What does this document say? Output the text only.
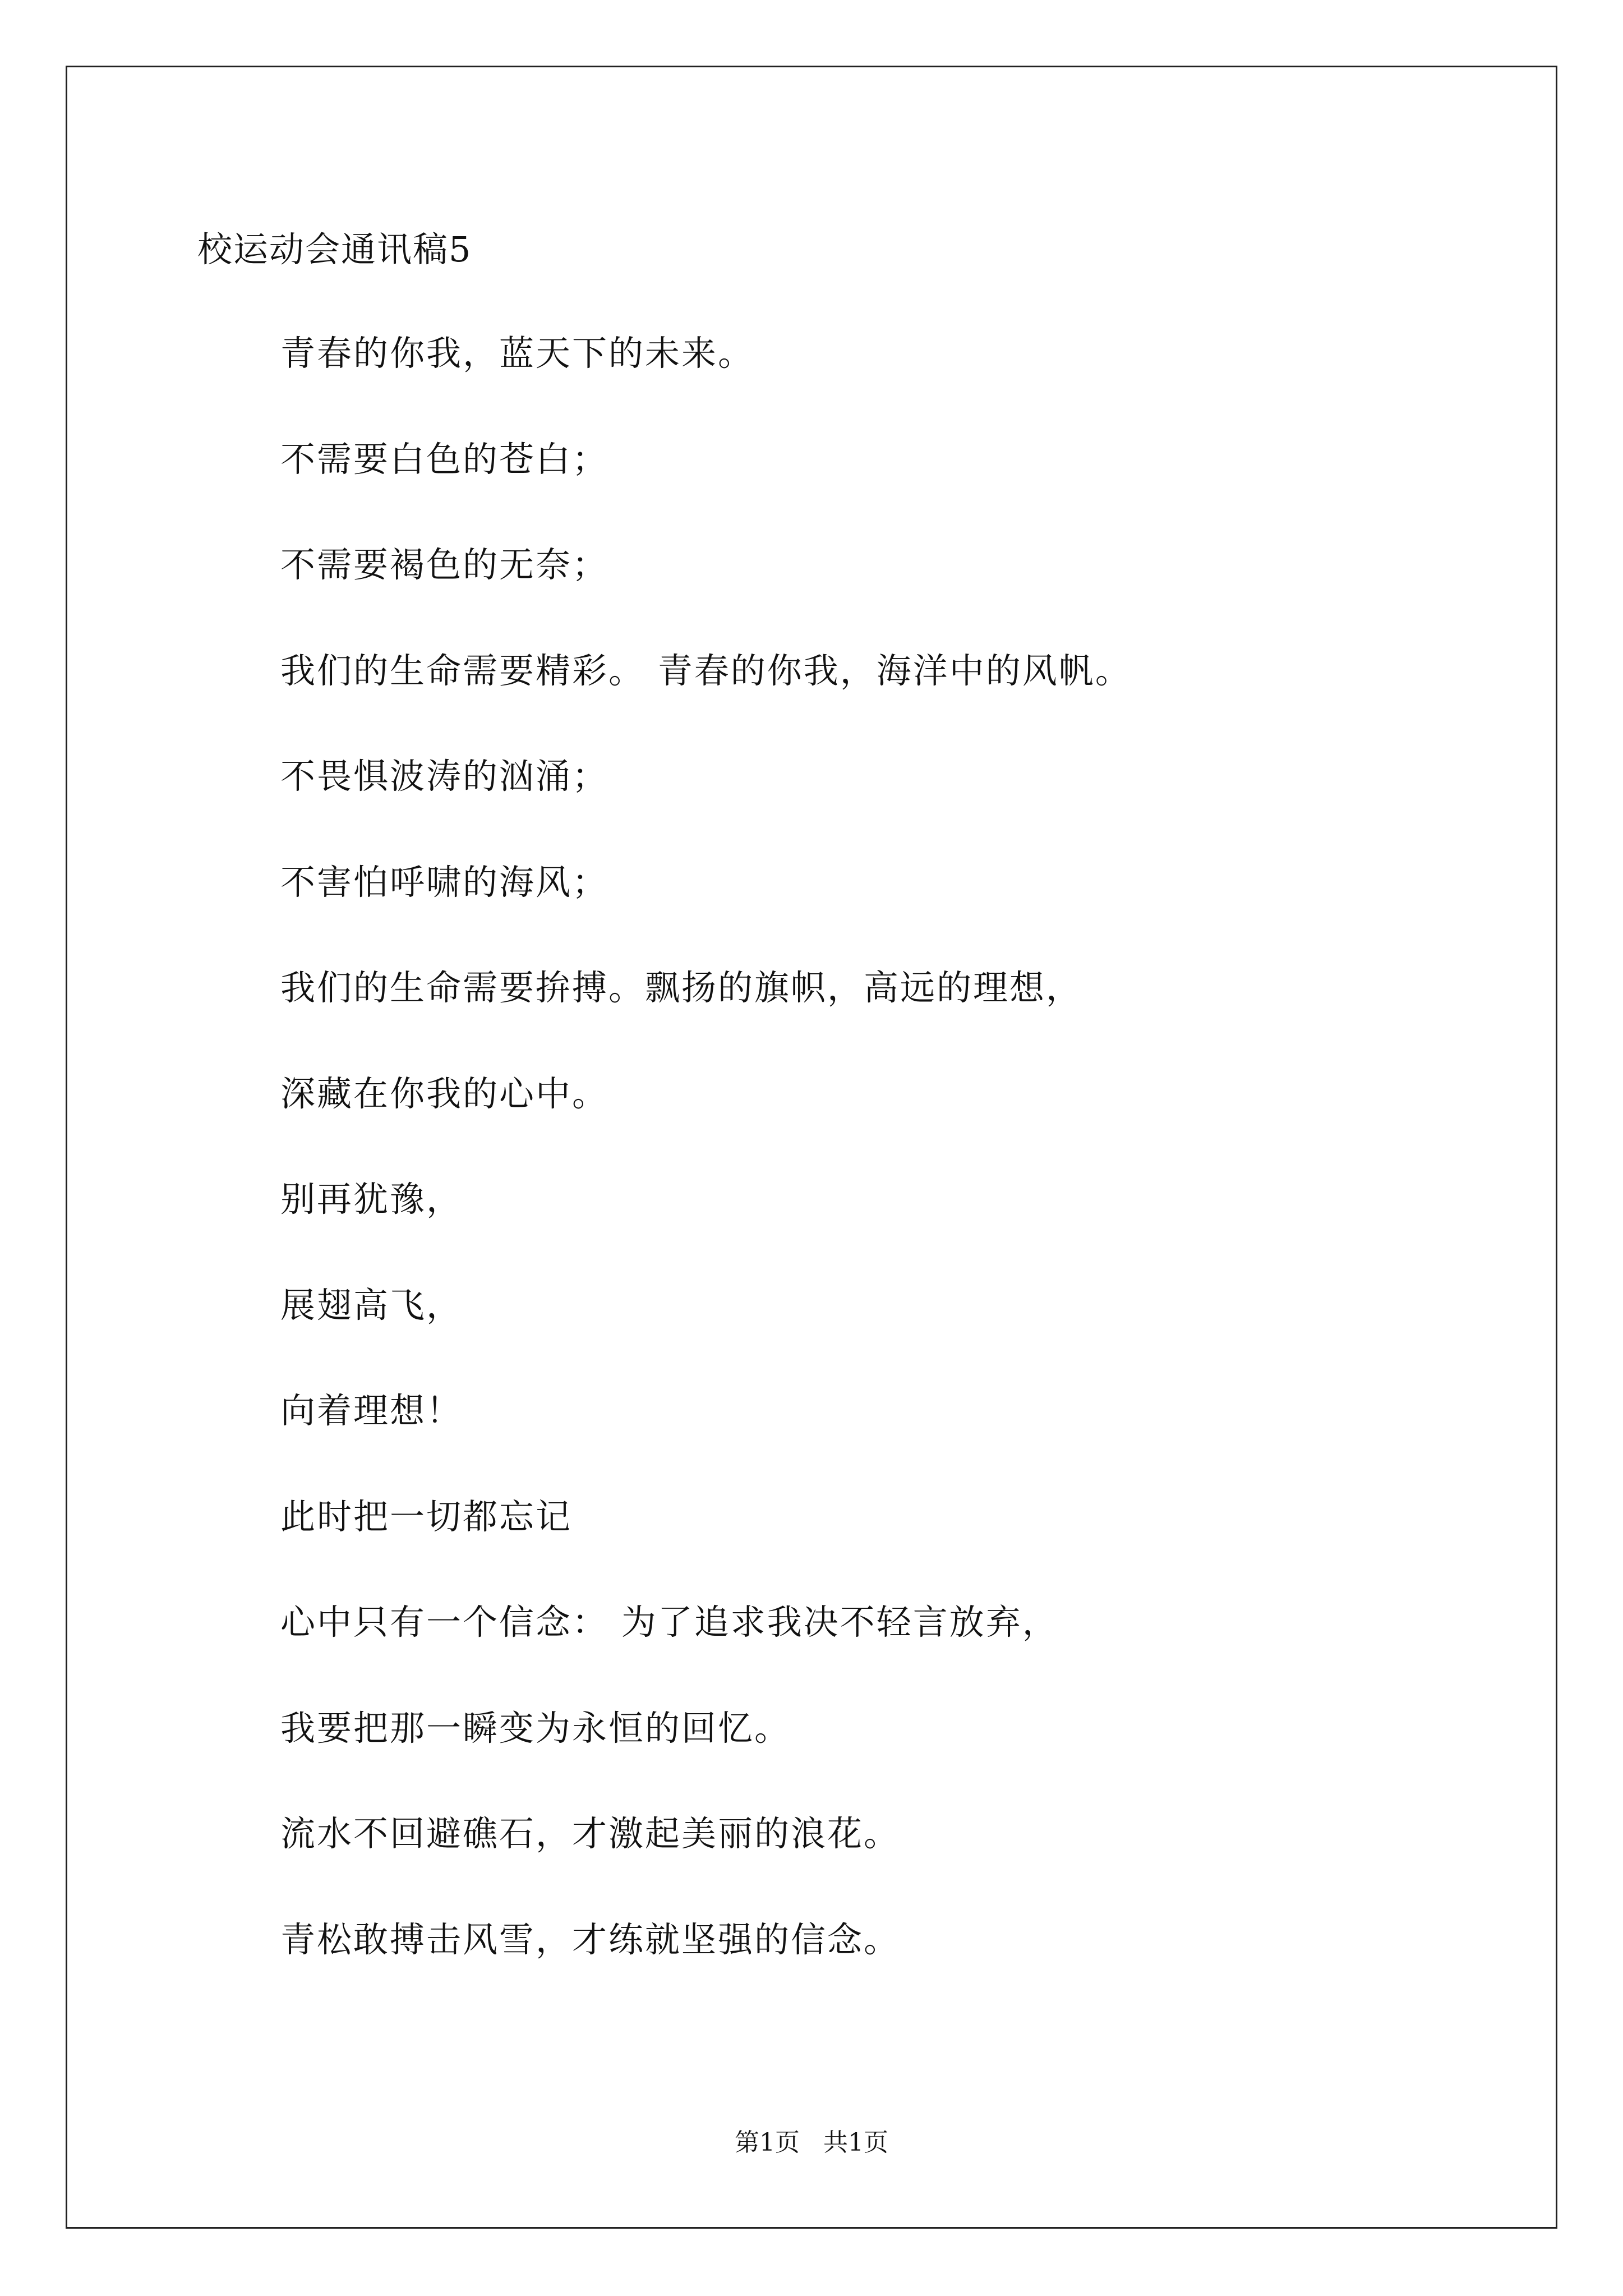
校运动会通讯稿5
青春的你我，蓝天下的未来。
不需要白色的苍白；
不需要褐色的无奈；
我们的生命需要精彩。 青春的你我，海洋中的风帆。
不畏惧波涛的汹涌；
不害怕呼啸的海风；
我们的生命需要拚搏。飘扬的旗帜，高远的理想，
深藏在你我的心中。
别再犹豫，
展翅高飞，
向着理想！
此时把一切都忘记
心中只有一个信念： 为了追求我决不轻言放弃，
我要把那一瞬变为永恒的回忆。
流水不回避礁石，才激起美丽的浪花。
青松敢搏击风雪，才练就坚强的信念。
第1页   共1页
